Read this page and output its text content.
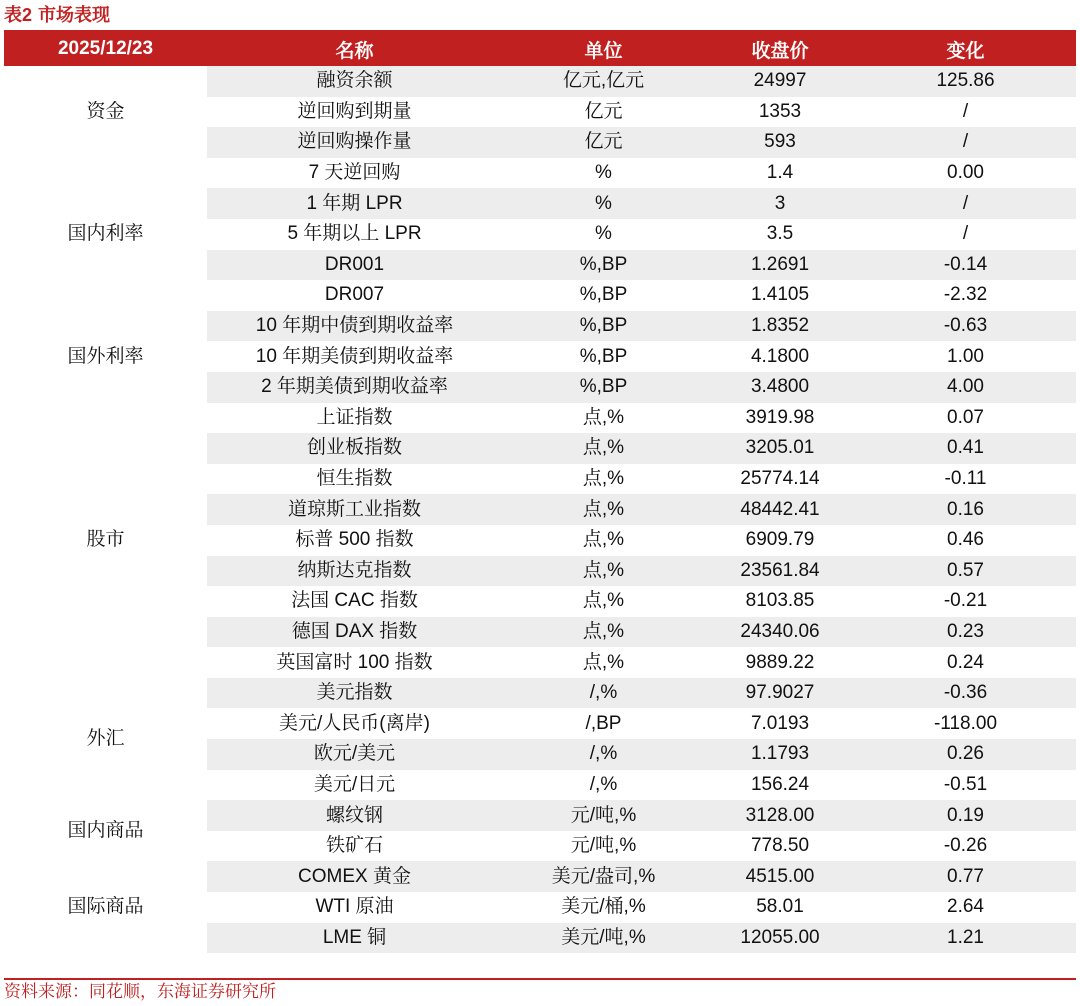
表2 市场表现
2025/12/23	名称	单位	收盘价	变化
资金	融资余额	亿元,亿元	24997	125.86
	逆回购到期量	亿元	1353	/
	逆回购操作量	亿元	593	/
国内利率	7 天逆回购	%	1.4	0.00
	1 年期 LPR	%	3	/
	5 年期以上 LPR	%	3.5	/
	DR001	%,BP	1.2691	-0.14
	DR007	%,BP	1.4105	-2.32
国外利率	10 年期中债到期收益率	%,BP	1.8352	-0.63
	10 年期美债到期收益率	%,BP	4.1800	1.00
	2 年期美债到期收益率	%,BP	3.4800	4.00
股市	上证指数	点,%	3919.98	0.07
	创业板指数	点,%	3205.01	0.41
	恒生指数	点,%	25774.14	-0.11
	道琼斯工业指数	点,%	48442.41	0.16
	标普 500 指数	点,%	6909.79	0.46
	纳斯达克指数	点,%	23561.84	0.57
	法国 CAC 指数	点,%	8103.85	-0.21
	德国 DAX 指数	点,%	24340.06	0.23
	英国富时 100 指数	点,%	9889.22	0.24
外汇	美元指数	/,%	97.9027	-0.36
	美元/人民币(离岸)	/,BP	7.0193	-118.00
	欧元/美元	/,%	1.1793	0.26
	美元/日元	/,%	156.24	-0.51
国内商品	螺纹钢	元/吨,%	3128.00	0.19
	铁矿石	元/吨,%	778.50	-0.26
国际商品	COMEX 黄金	美元/盎司,%	4515.00	0.77
	WTI 原油	美元/桶,%	58.01	2.64
	LME 铜	美元/吨,%	12055.00	1.21
资料来源：同花顺，东海证券研究所
